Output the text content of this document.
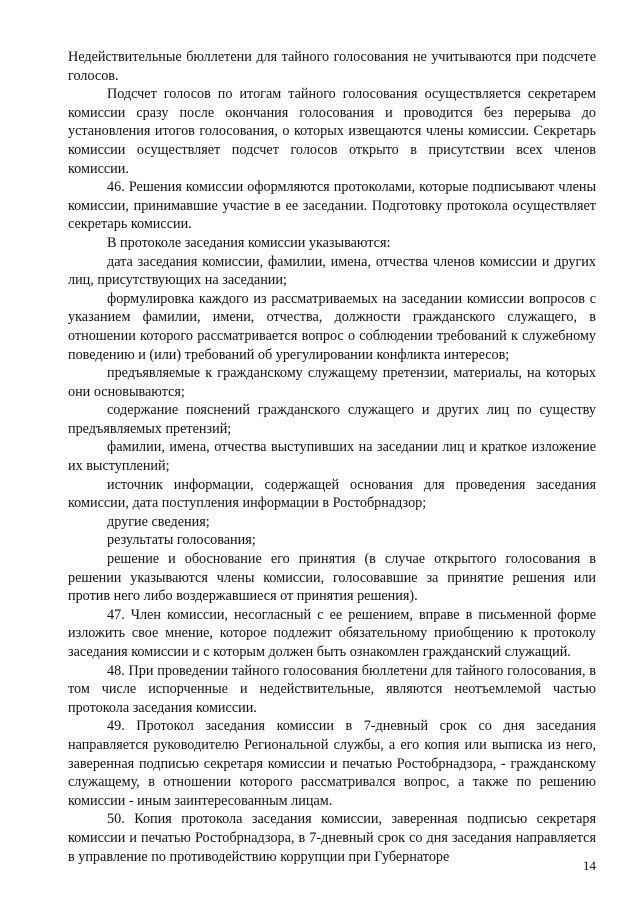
Недействительные бюллетени для тайного голосования не учитываются при подсчете голосов.

Подсчет голосов по итогам тайного голосования осуществляется секретарем комиссии сразу после окончания голосования и проводится без перерыва до установления итогов голосования, о которых извещаются члены комиссии. Секретарь комиссии осуществляет подсчет голосов открыто в присутствии всех членов комиссии.

46. Решения комиссии оформляются протоколами, которые подписывают члены комиссии, принимавшие участие в ее заседании. Подготовку протокола осуществляет секретарь комиссии.

В протоколе заседания комиссии указываются:

дата заседания комиссии, фамилии, имена, отчества членов комиссии и других лиц, присутствующих на заседании;

формулировка каждого из рассматриваемых на заседании комиссии вопросов с указанием фамилии, имени, отчества, должности гражданского служащего, в отношении которого рассматривается вопрос о соблюдении требований к служебному поведению и (или) требований об урегулировании конфликта интересов;

предъявляемые к гражданскому служащему претензии, материалы, на которых они основываются;

содержание пояснений гражданского служащего и других лиц по существу предъявляемых претензий;

фамилии, имена, отчества выступивших на заседании лиц и краткое изложение их выступлений;

источник информации, содержащей основания для проведения заседания комиссии, дата поступления информации в Ростобрнадзор;

другие сведения;

результаты голосования;

решение и обоснование его принятия (в случае открытого голосования в решении указываются члены комиссии, голосовавшие за принятие решения или против него либо воздержавшиеся от принятия решения).

47. Член комиссии, несогласный с ее решением, вправе в письменной форме изложить свое мнение, которое подлежит обязательному приобщению к протоколу заседания комиссии и с которым должен быть ознакомлен гражданский служащий.

48. При проведении тайного голосования бюллетени для тайного голосования, в том числе испорченные и недействительные, являются неотъемлемой частью протокола заседания комиссии.

49. Протокол заседания комиссии в 7-дневный срок со дня заседания направляется руководителю Региональной службы, а его копия или выписка из него, заверенная подписью секретаря комиссии и печатью Ростобрнадзора, - гражданскому служащему, в отношении которого рассматривался вопрос, а также по решению комиссии - иным заинтересованным лицам.

50. Копия протокола заседания комиссии, заверенная подписью секретаря комиссии и печатью Ростобрнадзора, в 7-дневный срок со дня заседания направляется в управление по противодействию коррупции при Губернаторе

14
